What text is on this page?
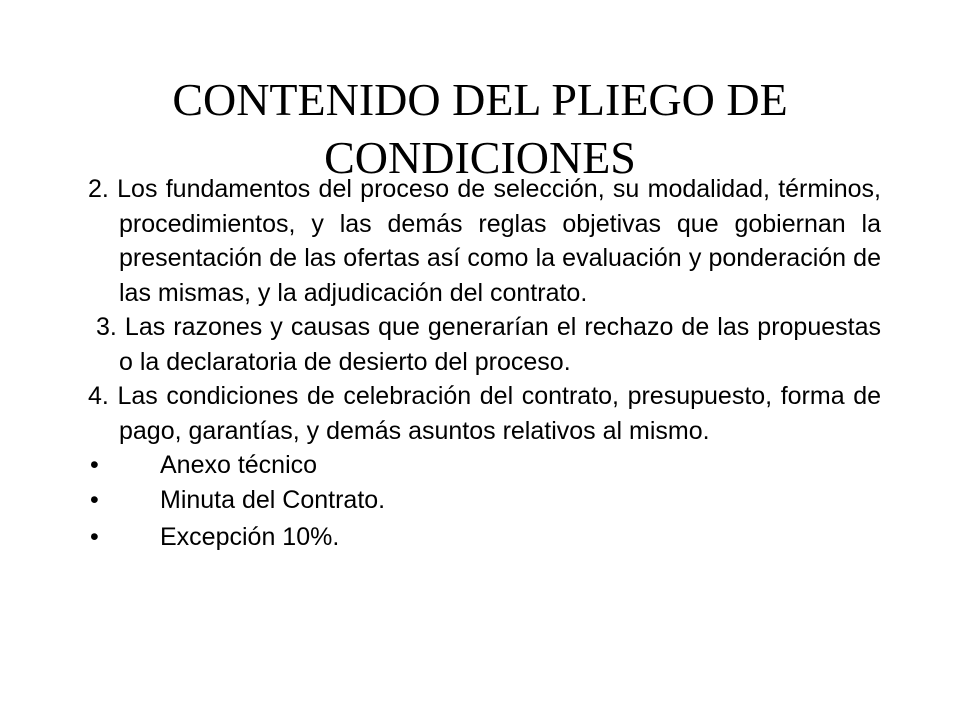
CONTENIDO DEL PLIEGO DE
CONDICIONES

2. Los fundamentos del proceso de selección, su modalidad, términos, procedimientos, y las demás reglas objetivas que gobiernan la presentación de las ofertas así como la evaluación y ponderación de las mismas, y la adjudicación del contrato.

3. Las razones y causas que generarían el rechazo de las propuestas o la declaratoria de desierto del proceso.

4. Las condiciones de celebración del contrato, presupuesto, forma de pago, garantías, y demás asuntos relativos al mismo.

• Anexo técnico
• Minuta del Contrato.
• Excepción 10%.
